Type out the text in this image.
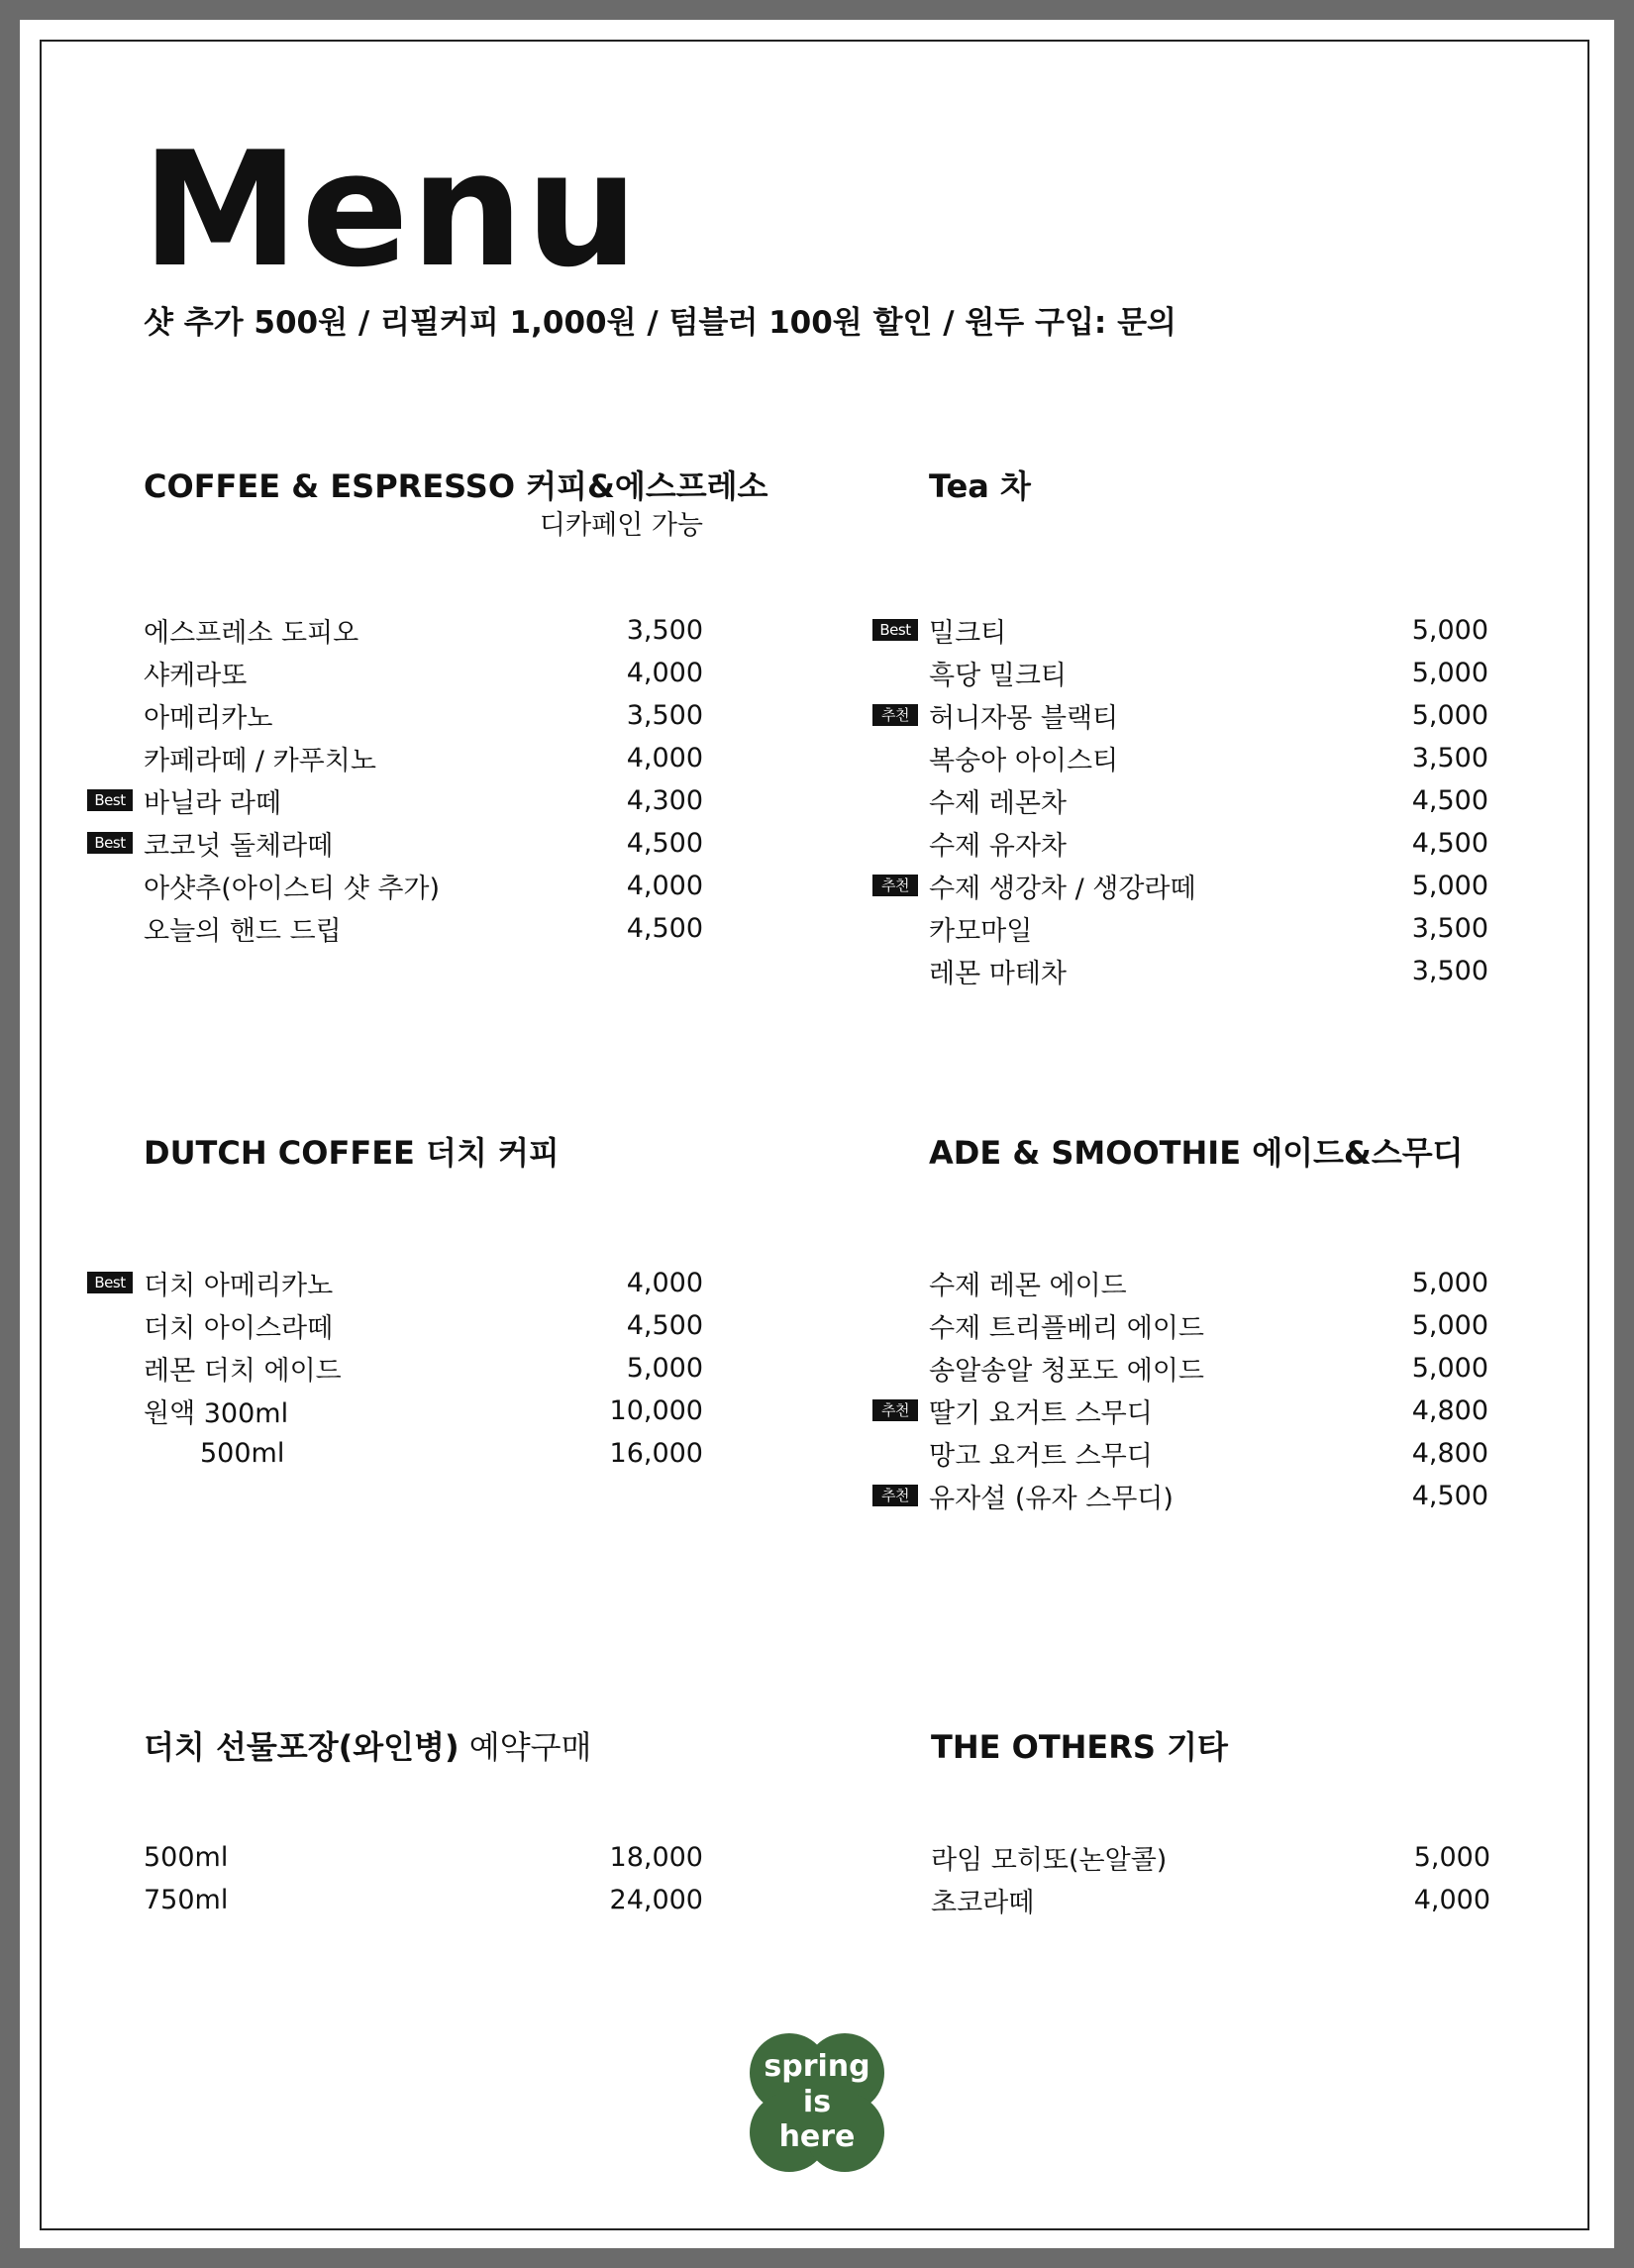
Menu
샷 추가 500원 / 리필커피 1,000원 / 텀블러 100원 할인 / 원두 구입: 문의
COFFEE & ESPRESSO 커피&에스프레소
디카페인 가능
에스프레소 도피오	3,500
샤케라또	4,000
아메리카노	3,500
카페라떼 / 카푸치노	4,000
Best 바닐라 라떼	4,300
Best 코코넛 돌체라떼	4,500
아샷추(아이스티 샷 추가)	4,000
오늘의 핸드 드립	4,500
Tea 차
Best 밀크티	5,000
흑당 밀크티	5,000
추천 허니자몽 블랙티	5,000
복숭아 아이스티	3,500
수제 레몬차	4,500
수제 유자차	4,500
추천 수제 생강차 / 생강라떼	5,000
카모마일	3,500
레몬 마테차	3,500
DUTCH COFFEE 더치 커피
Best 더치 아메리카노	4,000
더치 아이스라떼	4,500
레몬 더치 에이드	5,000
원액 300ml	10,000
500ml	16,000
ADE & SMOOTHIE 에이드&스무디
수제 레몬 에이드	5,000
수제 트리플베리 에이드	5,000
송알송알 청포도 에이드	5,000
추천 딸기 요거트 스무디	4,800
망고 요거트 스무디	4,800
추천 유자설 (유자 스무디)	4,500
더치 선물포장(와인병) 예약구매
500ml	18,000
750ml	24,000
THE OTHERS 기타
라임 모히또(논알콜)	5,000
초코라떼	4,000
spring
is
here
